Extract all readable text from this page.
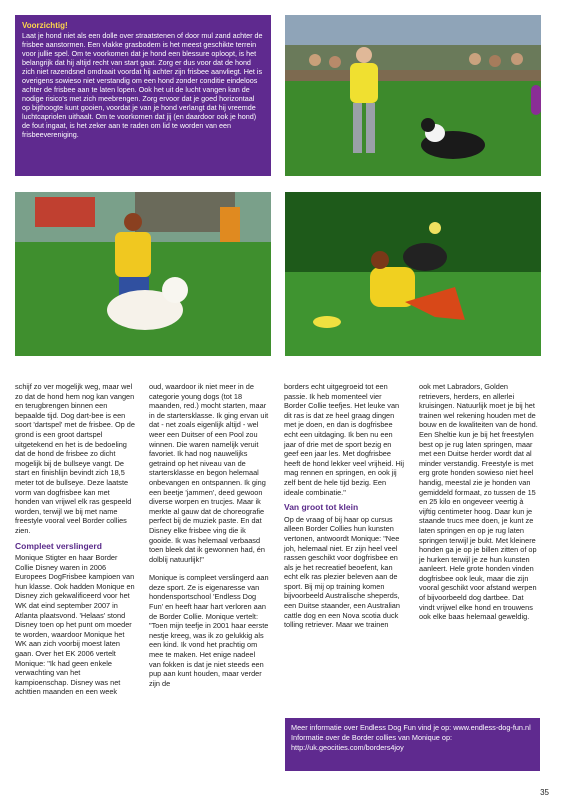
Voorzichtig!
Laat je hond niet als een dolle over straatstenen of door mul zand achter de frisbee aanstormen. Een vlakke grasbodem is het meest geschikte terrein voor jullie spel. Om te voorkomen dat je hond een blessure oploopt, is het belangrijk dat hij altijd recht van start gaat. Zorg er dus voor dat de hond zich niet razendsnel omdraait voordat hij achter zijn frisbee aanvliegt. Het is overigens sowieso niet verstandig om een hond zonder conditie eindeloos achter de frisbee aan te laten lopen. Ook het uit de lucht vangen kan de nodige risico's met zich meebrengen. Zorg ervoor dat je goed horizontaal op bijthoogte kunt gooien, voordat je van je hond verlangt dat hij vreemde luchtcapriolen uithaalt. Om te voorkomen dat jij (en daardoor ook je hond) de fout ingaat, is het zeker aan te raden om lid te worden van een frisbeevereniging.

schijf zo ver mogelijk weg, maar wel zo dat de hond hem nog kan vangen en terugbrengen binnen een bepaalde tijd. Dog dart-bee is een soort 'dartspel' met de frisbee. Op de grond is een groot dartspel uitgetekend en het is de bedoeling dat de hond de frisbee zo dicht mogelijk bij de bullseye vangt. De start en finishlijn bevindt zich 18,5 meter tot de bullseye. Deze laatste vorm van dogfrisbee kan met honden van vrijwel elk ras gespeeld worden, terwijl we bij met name freestyle vooral veel Border collies zien.

Compleet verslingerd

Monique Stigter en haar Border Collie Disney waren in 2006 Europees DogFrisbee kampioen van hun klasse. Ook hadden Monique en Disney zich gekwalificeerd voor het WK dat eind september 2007 in Atlanta plaatsvond. 'Helaas' stond Disney toen op het punt om moeder te worden, waardoor Monique het WK aan zich voorbij moest laten gaan. Over het EK 2006 vertelt Monique: "Ik had geen enkele verwachting van het kampioenschap. Disney was net achttien maanden en een week

oud, waardoor ik niet meer in de categorie young dogs (tot 18 maanden, red.) mocht starten, maar in de startersklasse. Ik ging ervan uit dat - net zoals eigenlijk altijd - wel weer een Duitser of een Pool zou winnen. Die waren namelijk veruit favoriet. Ik had nog nauwelijks getraind op het niveau van de startersklasse en begon helemaal onbevangen en ontspannen. Ik ging een beetje 'jammen', deed gewoon diverse worpen en trucjes. Maar ik merkte al gauw dat de choreografie perfect bij de muziek paste. En dat Disney elke frisbee ving die ik gooide. Ik was helemaal verbaasd toen bleek dat ik gewonnen had, én dolblij natuurlijk!"

Monique is compleet verslingerd aan deze sport. Ze is eigenaresse van hondensportschool 'Endless Dog Fun' en heeft haar hart verloren aan de Border Collie. Monique vertelt: "Toen mijn teefje in 2001 haar eerste nestje kreeg, was ik zo gelukkig als een kind. Ik vond het prachtig om mee te maken. Het enige nadeel van fokken is dat je niet steeds een pup aan kunt houden, maar verder zijn de

borders echt uitgegroeid tot een passie. Ik heb momenteel vier Border Collie teefjes. Het leuke van dit ras is dat ze heel graag dingen met je doen, en dan is dogfrisbee echt een uitdaging. Ik ben nu een jaar of drie met de sport bezig en geef een jaar les. Met dogfrisbee heeft de hond lekker veel vrijheid. Hij mag rennen en springen, en ook jij zelf bent de hele tijd bezig. Een ideale combinatie."

Van groot tot klein

Op de vraag of bij haar op cursus alleen Border Collies hun kunsten vertonen, antwoordt Monique: "Nee joh, helemaal niet. Er zijn heel veel rassen geschikt voor dogfrisbee en als je het recreatief beoefent, kan echt elk ras plezier beleven aan de sport. Bij mij op training komen bijvoorbeeld Australische sheperds, een Duitse staander, een Australian cattle dog en een Nova scotia duck tolling retriever. Maar we trainen

ook met Labradors, Golden retrievers, herders, en allerlei kruisingen. Natuurlijk moet je bij het trainen wel rekening houden met de bouw en de kwaliteiten van de hond. Een Sheltie kun je bij het freestylen best op je rug laten springen, maar met een Duitse herder wordt dat al minder verstandig. Freestyle is met erg grote honden sowieso niet heel handig, meestal zie je honden van gemiddeld formaat, zo tussen de 15 en 25 kilo en ongeveer veertig à vijftig centimeter hoog. Daar kun je staande trucs mee doen, je kunt ze laten springen en op je rug laten springen terwijl je bukt. Met kleinere honden ga je op je billen zitten of op je hurken terwijl je ze hun kunsten aanleert. Hele grote honden vinden dogfrisbee ook leuk, maar die zijn vooral geschikt voor afstand werpen of bijvoorbeeld dog dartbee. Dat vindt vrijwel elke hond en trouwens ook elke baas helemaal geweldig.

Meer informatie over Endless Dog Fun vind je op: www.endless-dog-fun.nl
Informatie over de Border collies van Monique op:
http://uk.geocities.com/borders4joy
35
